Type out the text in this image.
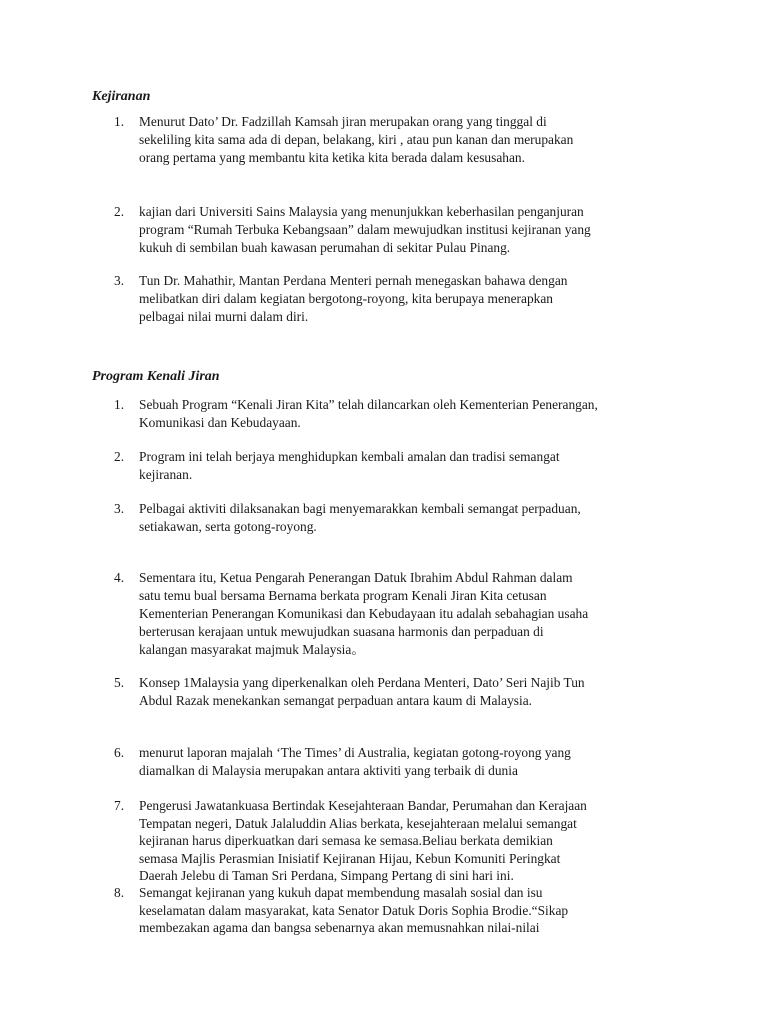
Kejiranan
1. Menurut Dato’ Dr. Fadzillah Kamsah jiran merupakan orang yang tinggal di
sekeliling kita sama ada di depan, belakang, kiri , atau pun kanan dan merupakan
orang pertama yang membantu kita ketika kita berada dalam kesusahan.
2. kajian dari Universiti Sains Malaysia yang menunjukkan keberhasilan penganjuran
program “Rumah Terbuka Kebangsaan” dalam mewujudkan institusi kejiranan yang
kukuh di sembilan buah kawasan perumahan di sekitar Pulau Pinang.
3. Tun Dr. Mahathir, Mantan Perdana Menteri pernah menegaskan bahawa dengan
melibatkan diri dalam kegiatan bergotong-royong, kita berupaya menerapkan
pelbagai nilai murni dalam diri.
Program Kenali Jiran
1. Sebuah Program “Kenali Jiran Kita” telah dilancarkan oleh Kementerian Penerangan,
Komunikasi dan Kebudayaan.
2. Program ini telah berjaya menghidupkan kembali amalan dan tradisi semangat
kejiranan.
3. Pelbagai aktiviti dilaksanakan bagi menyemarakkan kembali semangat perpaduan,
setiakawan, serta gotong-royong.
4. Sementara itu, Ketua Pengarah Penerangan Datuk Ibrahim Abdul Rahman dalam
satu temu bual bersama Bernama berkata program Kenali Jiran Kita cetusan
Kementerian Penerangan Komunikasi dan Kebudayaan itu adalah sebahagian usaha
berterusan kerajaan untuk mewujudkan suasana harmonis dan perpaduan di
kalangan masyarakat majmuk Malaysia。
5. Konsep 1Malaysia yang diperkenalkan oleh Perdana Menteri, Dato’ Seri Najib Tun
Abdul Razak menekankan semangat perpaduan antara kaum di Malaysia.
6. menurut laporan majalah ‘The Times’ di Australia, kegiatan gotong-royong yang
diamalkan di Malaysia merupakan antara aktiviti yang terbaik di dunia
7. Pengerusi Jawatankuasa Bertindak Kesejahteraan Bandar, Perumahan dan Kerajaan
Tempatan negeri, Datuk Jalaluddin Alias berkata, kesejahteraan melalui semangat
kejiranan harus diperkuatkan dari semasa ke semasa.Beliau berkata demikian
semasa Majlis Perasmian Inisiatif Kejiranan Hijau, Kebun Komuniti Peringkat
Daerah Jelebu di Taman Sri Perdana, Simpang Pertang di sini hari ini.
8. Semangat kejiranan yang kukuh dapat membendung masalah sosial dan isu
keselamatan dalam masyarakat, kata Senator Datuk Doris Sophia Brodie.“Sikap
membezakan agama dan bangsa sebenarnya akan memusnahkan nilai-nilai
